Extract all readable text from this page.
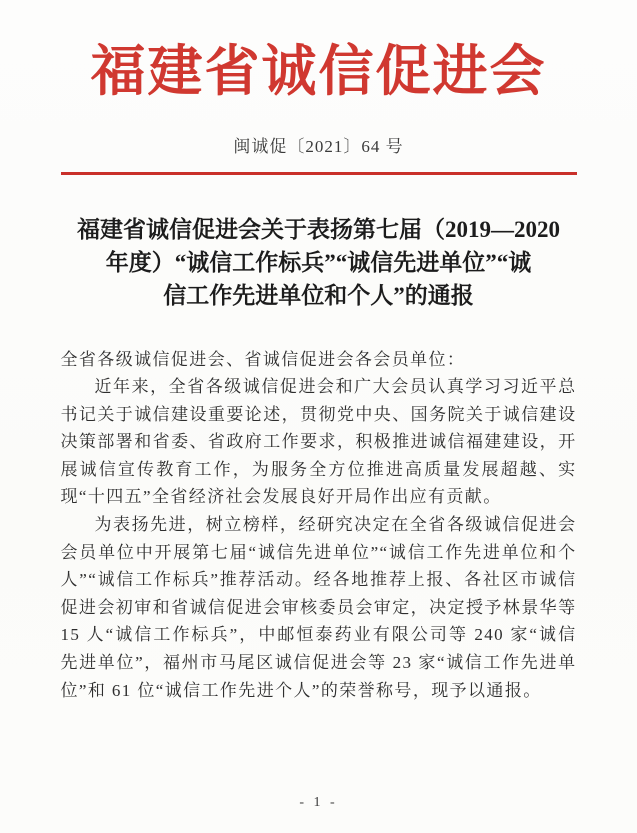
福建省诚信促进会
闽诚促〔2021〕64 号
福建省诚信促进会关于表扬第七届（2019—2020
年度）“诚信工作标兵”“诚信先进单位”“诚
信工作先进单位和个人”的通报

全省各级诚信促进会、省诚信促进会各会员单位：

近年来，全省各级诚信促进会和广大会员认真学习习近平总书记关于诚信建设重要论述，贯彻党中央、国务院关于诚信建设决策部署和省委、省政府工作要求，积极推进诚信福建建设，开展诚信宣传教育工作，为服务全方位推进高质量发展超越、实现“十四五”全省经济社会发展良好开局作出应有贡献。

为表扬先进，树立榜样，经研究决定在全省各级诚信促进会会员单位中开展第七届“诚信先进单位”“诚信工作先进单位和个人”“诚信工作标兵”推荐活动。经各地推荐上报、各社区市诚信促进会初审和省诚信促进会审核委员会审定，决定授予林景华等 15 人“诚信工作标兵”，中邮恒泰药业有限公司等 240 家“诚信先进单位”，福州市马尾区诚信促进会等 23 家“诚信工作先进单位”和 61 位“诚信工作先进个人”的荣誉称号，现予以通报。

- 1 -
